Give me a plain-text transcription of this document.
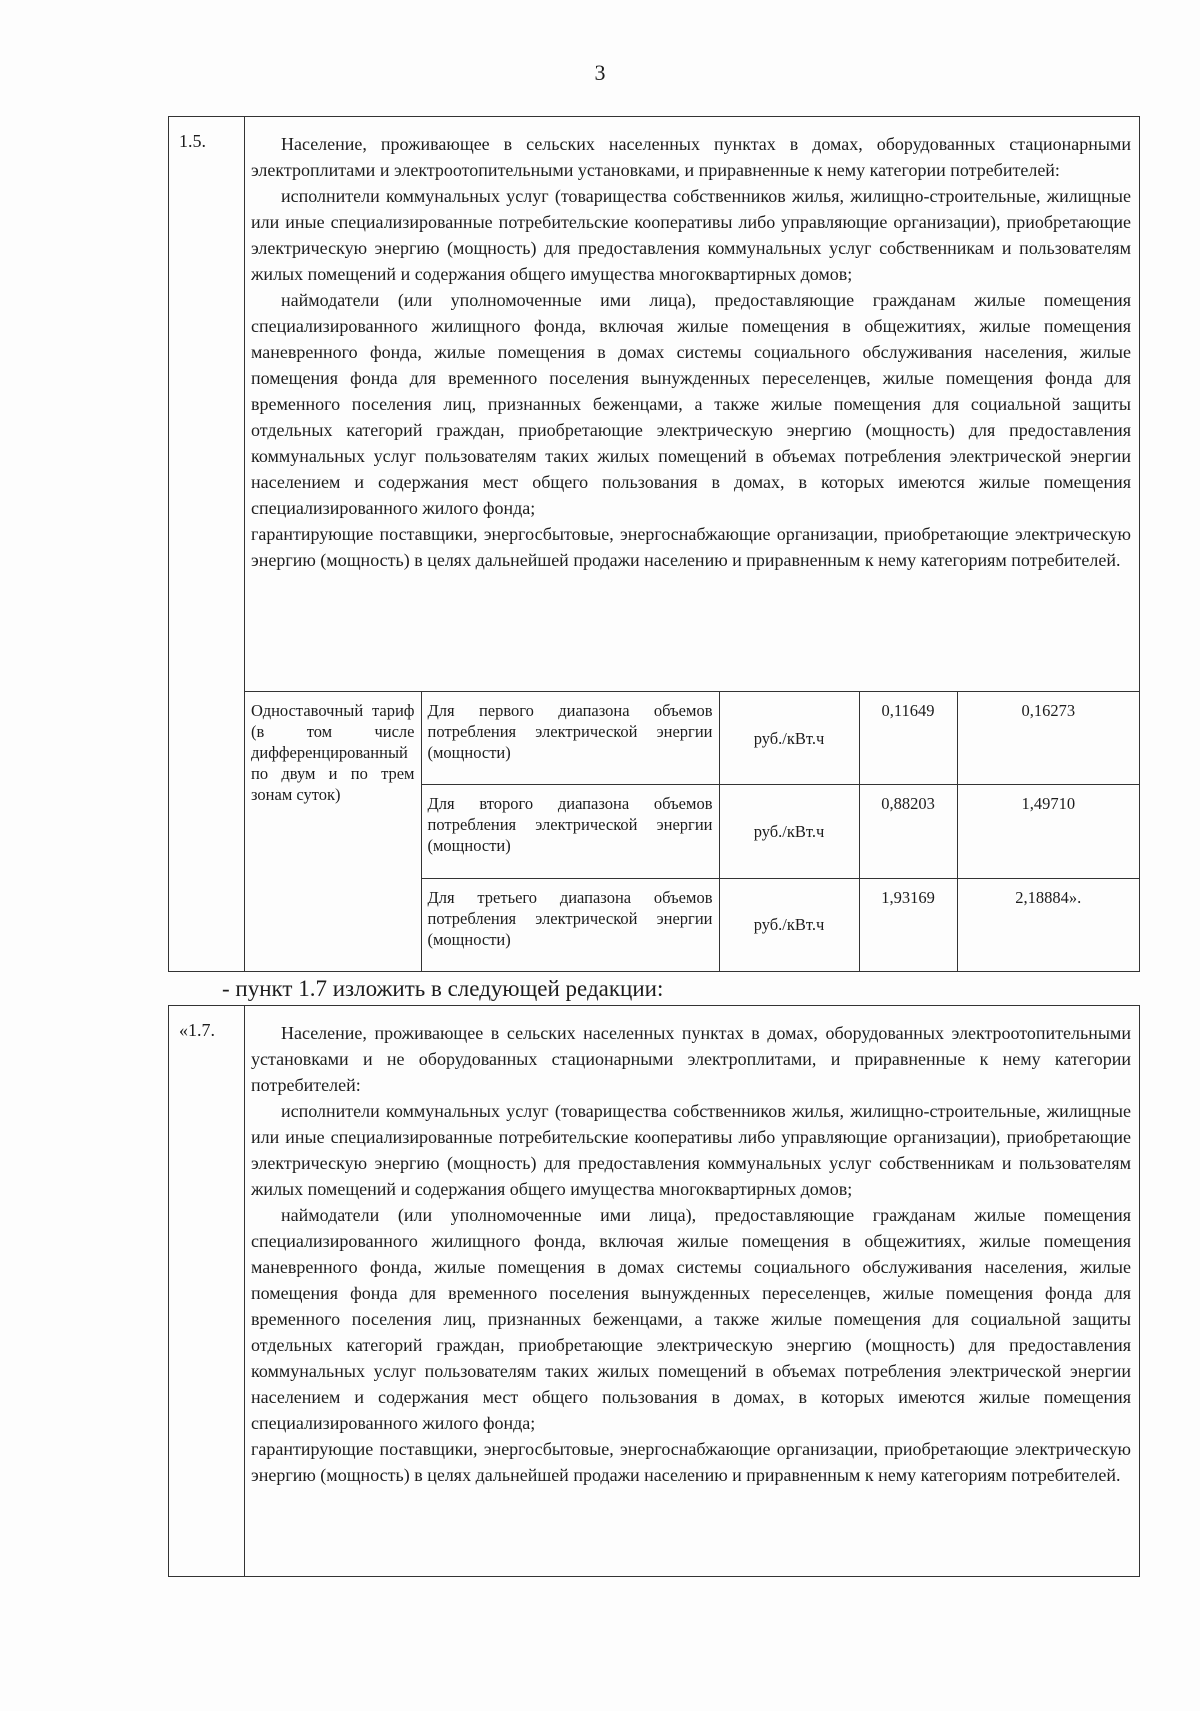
3
1.5.	Население, проживающее в сельских населенных пунктах в домах, оборудованных стационарными электроплитами и электроотопительными установками, и приравненные к нему категории потребителей:

исполнители коммунальных услуг (товарищества собственников жилья, жилищно-строительные, жилищные или иные специализированные потребительские кооперативы либо управляющие организации), приобретающие электрическую энергию (мощность) для предоставления коммунальных услуг собственникам и пользователям жилых помещений и содержания общего имущества многоквартирных домов;

наймодатели (или уполномоченные ими лица), предоставляющие гражданам жилые помещения специализированного жилищного фонда, включая жилые помещения в общежитиях, жилые помещения маневренного фонда, жилые помещения в домах системы социального обслуживания населения, жилые помещения фонда для временного поселения вынужденных переселенцев, жилые помещения фонда для временного поселения лиц, признанных беженцами, а также жилые помещения для социальной защиты отдельных категорий граждан, приобретающие электрическую энергию (мощность) для предоставления коммунальных услуг пользователям таких жилых помещений в объемах потребления электрической энергии населением и содержания мест общего пользования в домах, в которых имеются жилые помещения специализированного жилого фонда;

гарантирующие поставщики, энергосбытовые, энергоснабжающие организации, приобретающие электрическую энергию (мощность) в целях дальнейшей продажи населению и приравненным к нему категориям потребителей.

Одноставочный тариф (в том числе дифференцированный по двум и по трем зонам суток)	Для первого диапазона объемов потребления электрической энергии (мощности)	руб./кВт.ч	0,11649	0,16273
	Для второго диапазона объемов потребления электрической энергии (мощности)	руб./кВт.ч	0,88203	1,49710
	Для третьего диапазона объемов потребления электрической энергии (мощности)	руб./кВт.ч	1,93169	2,18884».
- пункт 1.7 изложить в следующей редакции:
«1.7.	Население, проживающее в сельских населенных пунктах в домах, оборудованных электроотопительными установками и не оборудованных стационарными электроплитами, и приравненные к нему категории потребителей:

исполнители коммунальных услуг (товарищества собственников жилья, жилищно-строительные, жилищные или иные специализированные потребительские кооперативы либо управляющие организации), приобретающие электрическую энергию (мощность) для предоставления коммунальных услуг собственникам и пользователям жилых помещений и содержания общего имущества многоквартирных домов;

наймодатели (или уполномоченные ими лица), предоставляющие гражданам жилые помещения специализированного жилищного фонда, включая жилые помещения в общежитиях, жилые помещения маневренного фонда, жилые помещения в домах системы социального обслуживания населения, жилые помещения фонда для временного поселения вынужденных переселенцев, жилые помещения фонда для временного поселения лиц, признанных беженцами, а также жилые помещения для социальной защиты отдельных категорий граждан, приобретающие электрическую энергию (мощность) для предоставления коммунальных услуг пользователям таких жилых помещений в объемах потребления электрической энергии населением и содержания мест общего пользования в домах, в которых имеются жилые помещения специализированного жилого фонда;

гарантирующие поставщики, энергосбытовые, энергоснабжающие организации, приобретающие электрическую энергию (мощность) в целях дальнейшей продажи населению и приравненным к нему категориям потребителей.
